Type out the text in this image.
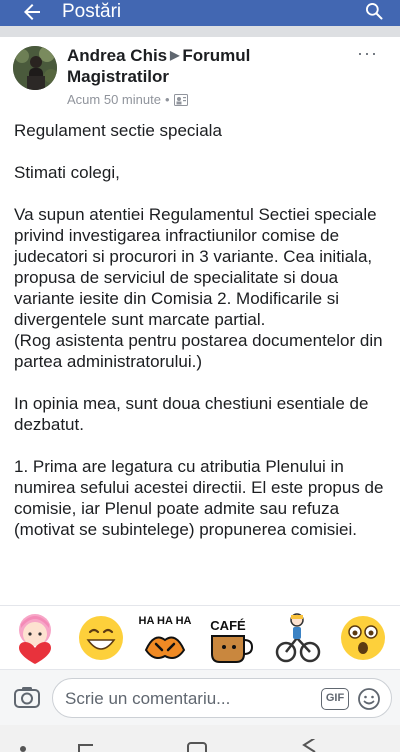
Postări
Andrea Chis ▶ Forumul Magistratilor
Acum 50 minute •
···

Regulament sectie speciala

Stimati colegi,

Va supun atentiei Regulamentul Sectiei speciale privind investigarea infractiunilor comise de judecatori si procurori in 3 variante. Cea initiala, propusa de serviciul de specialitate si doua variante iesite din Comisia 2. Modificarile si divergentele sunt marcate partial.
(Rog asistenta pentru postarea documentelor din partea administratorului.)

In opinia mea, sunt doua chestiuni esentiale de dezbatut.

1. Prima are legatura cu atributia Plenului in numirea sefului acestei directii. El este propus de comisie, iar Plenul poate admite sau refuza (motivat se subintelege) propunerea comisiei.

HA HA HA CAFÉ
Scrie un comentariu...	GIF
